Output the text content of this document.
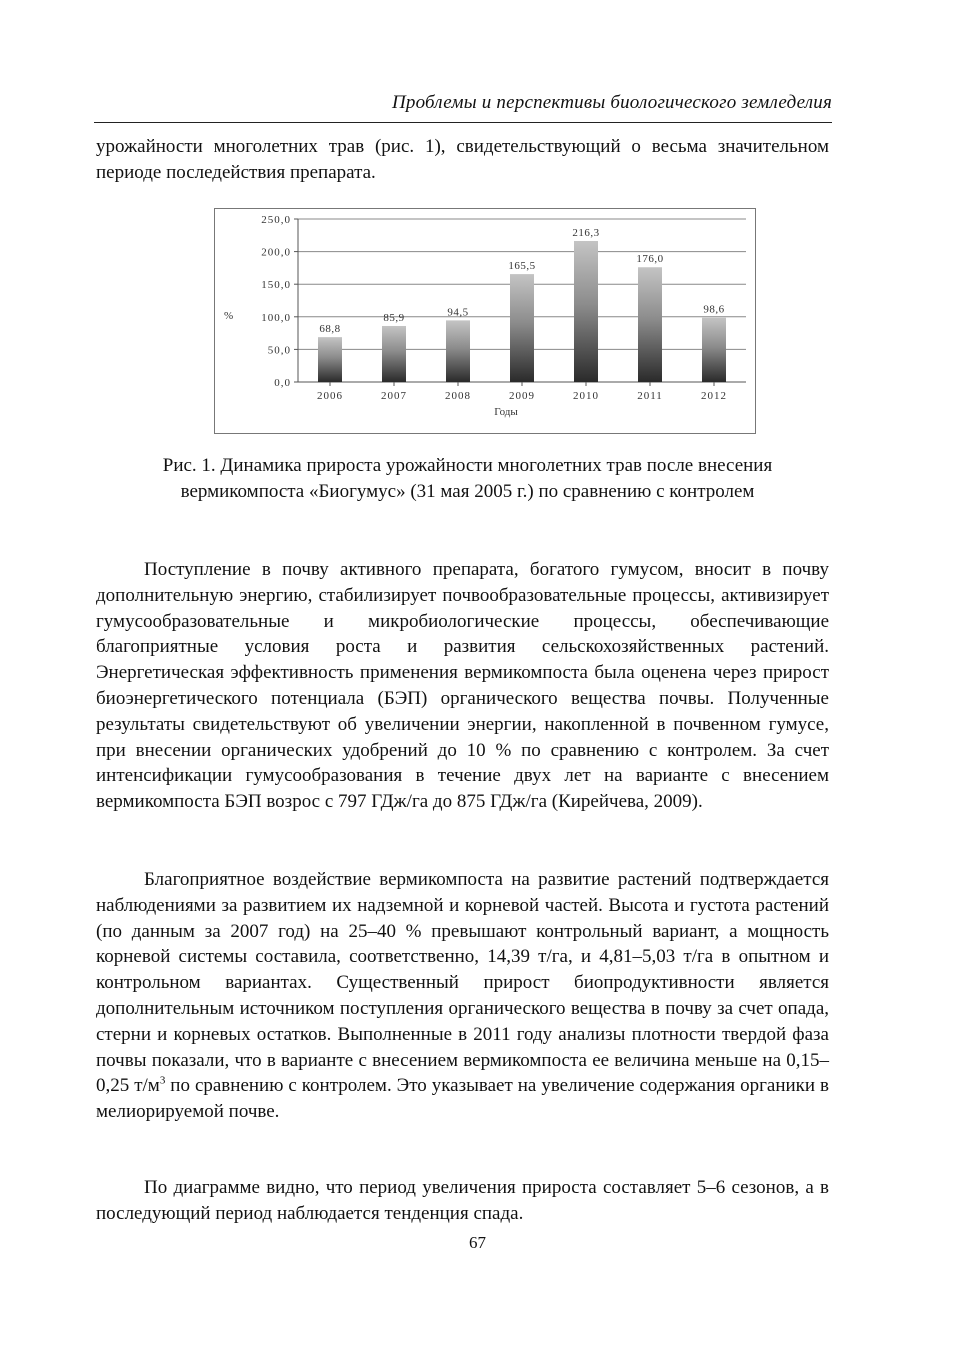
Проблемы и перспективы биологического земледелия

урожайности многолетних трав (рис. 1), свидетельствующий о весьма значительном периоде последействия препарата.

0,0
50,0
100,0
150,0
200,0
250,0
68,8
2006
85,9
2007
94,5
2008
165,5
2009
216,3
2010
176,0
2011
98,6
2012
Годы
%
Рис. 1. Динамика прироста урожайности многолетних трав после внесения вермикомпоста «Биогумус» (31 мая 2005 г.) по сравнению с контролем

Поступление в почву активного препарата, богатого гумусом, вносит в почву дополнительную энергию, стабилизирует почвообразовательные процессы, активизирует гумусообразовательные и микробиологические процессы, обеспечивающие благоприятные условия роста и развития сельскохозяйственных растений. Энергетическая эффективность применения вермикомпоста была оценена через прирост биоэнергетического потенциала (БЭП) органического вещества почвы. Полученные результаты свидетельствуют об увеличении энергии, накопленной в почвенном гумусе, при внесении органических удобрений до 10 % по сравнению с контролем. За счет интенсификации гумусообразования в течение двух лет на варианте с внесением вермикомпоста БЭП возрос с 797 ГДж/га до 875 ГДж/га (Кирейчева, 2009).

Благоприятное воздействие вермикомпоста на развитие растений подтверждается наблюдениями за развитием их надземной и корневой частей. Высота и густота растений (по данным за 2007 год) на 25–40 % превышают контрольный вариант, а мощность корневой системы составила, соответственно, 14,39 т/га, и 4,81–5,03 т/га в опытном и контрольном вариантах. Существенный прирост биопродуктивности является дополнительным источником поступления органического вещества в почву за счет опада, стерни и корневых остатков. Выполненные в 2011 году анализы плотности твердой фаза почвы показали, что в варианте с внесением вермикомпоста ее величина меньше на 0,15–0,25 $т/м^3$ по сравнению с контролем. Это указывает на увеличение содержания органики в мелиорируемой почве.

По диаграмме видно, что период увеличения прироста составляет 5–6 сезонов, а в последующий период наблюдается тенденция спада.

67
